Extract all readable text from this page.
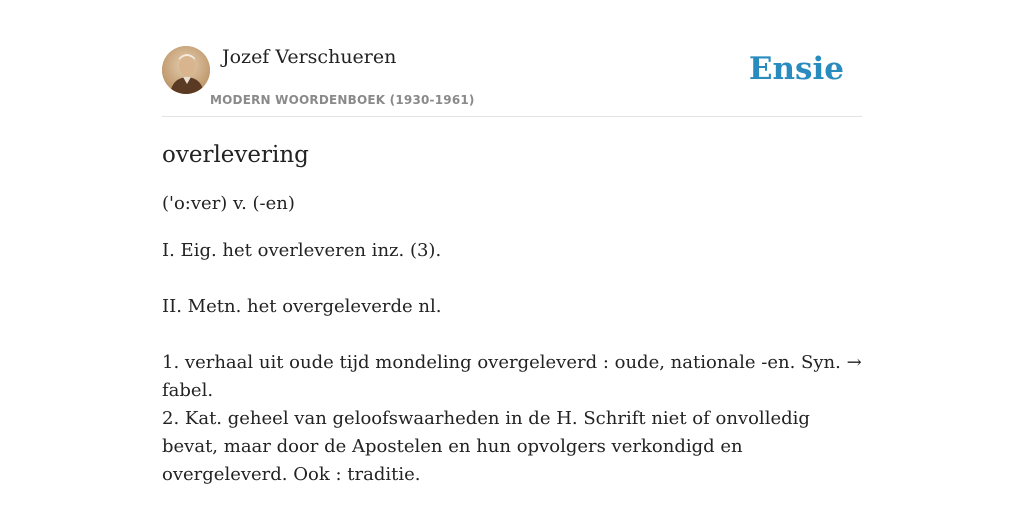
Jozef Verschueren
MODERN WOORDENBOEK (1930-1961)
Ensie
overlevering
('o:ver) v. (-en)
I. Eig. het overleveren inz. (3).
II. Metn. het overgeleverde nl.
1. verhaal uit oude tijd mondeling overgeleverd : oude, nationale -en. Syn. → fabel.
2. Kat. geheel van geloofswaarheden in de H. Schrift niet of onvolledig bevat, maar door de Apostelen en hun opvolgers verkondigd en overgeleverd. Ook : traditie.
